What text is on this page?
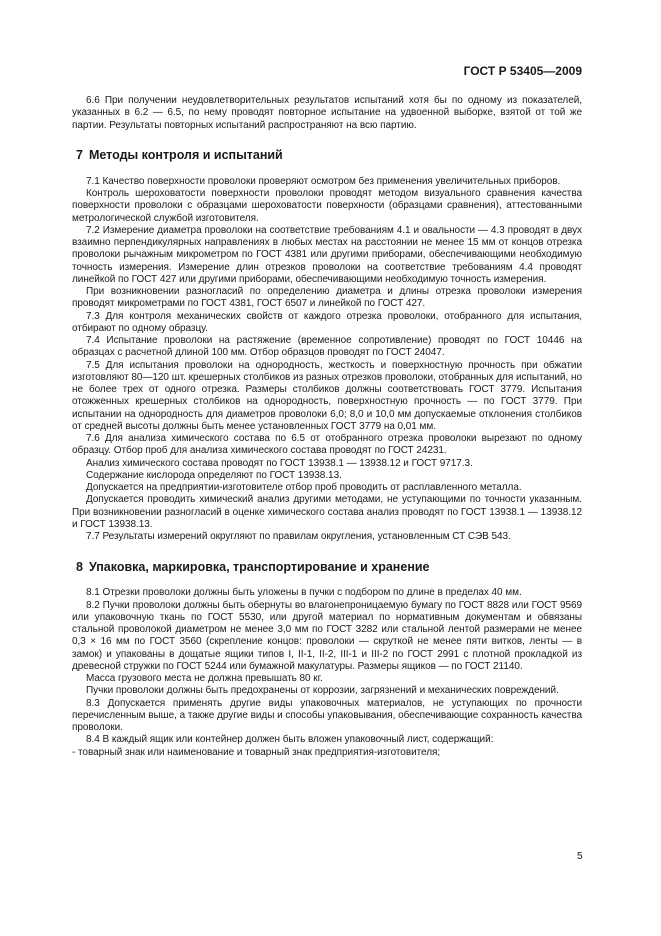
ГОСТ Р 53405—2009

6.6 При получении неудовлетворительных результатов испытаний хотя бы по одному из показателей, указанных в 6.2 — 6.5, по нему проводят повторное испытание на удвоенной выборке, взятой от той же партии. Результаты повторных испытаний распространяют на всю партию.

7 Методы контроля и испытаний

7.1 Качество поверхности проволоки проверяют осмотром без применения увеличительных приборов.

Контроль шероховатости поверхности проволоки проводят методом визуального сравнения качества поверхности проволоки с образцами шероховатости поверхности (образцами сравнения), аттестованными метрологической службой изготовителя.

7.2 Измерение диаметра проволоки на соответствие требованиям 4.1 и овальности — 4.3 проводят в двух взаимно перпендикулярных направлениях в любых местах на расстоянии не менее 15 мм от концов отрезка проволоки рычажным микрометром по ГОСТ 4381 или другими приборами, обеспечивающими необходимую точность измерения. Измерение длин отрезков проволоки на соответствие требованиям 4.4 проводят линейкой по ГОСТ 427 или другими приборами, обеспечивающими необходимую точность измерения.

При возникновении разногласий по определению диаметра и длины отрезка проволоки измерения проводят микрометрами по ГОСТ 4381, ГОСТ 6507 и линейкой по ГОСТ 427.

7.3 Для контроля механических свойств от каждого отрезка проволоки, отобранного для испытания, отбирают по одному образцу.

7.4 Испытание проволоки на растяжение (временное сопротивление) проводят по ГОСТ 10446 на образцах с расчетной длиной 100 мм. Отбор образцов проводят по ГОСТ 24047.

7.5 Для испытания проволоки на однородность, жесткость и поверхностную прочность при обжатии изготовляют 80—120 шт. крешерных столбиков из разных отрезков проволоки, отобранных для испытаний, но не более трех от одного отрезка. Размеры столбиков должны соответствовать ГОСТ 3779. Испытания отожженных крешерных столбиков на однородность, поверхностную прочность — по ГОСТ 3779. При испытании на однородность для диаметров проволоки 6,0; 8,0 и 10,0 мм допускаемые отклонения столбиков от средней высоты должны быть менее установленных ГОСТ 3779 на 0,01 мм.

7.6 Для анализа химического состава по 6.5 от отобранного отрезка проволоки вырезают по одному образцу. Отбор проб для анализа химического состава проводят по ГОСТ 24231.

Анализ химического состава проводят по ГОСТ 13938.1 — 13938.12 и ГОСТ 9717.3.

Содержание кислорода определяют по ГОСТ 13938.13.

Допускается на предприятии-изготовителе отбор проб проводить от расплавленного металла.

Допускается проводить химический анализ другими методами, не уступающими по точности указанным. При возникновении разногласий в оценке химического состава анализ проводят по ГОСТ 13938.1 — 13938.12 и ГОСТ 13938.13.

7.7 Результаты измерений округляют по правилам округления, установленным СТ СЭВ 543.

8 Упаковка, маркировка, транспортирование и хранение

8.1 Отрезки проволоки должны быть уложены в пучки с подбором по длине в пределах 40 мм.

8.2 Пучки проволоки должны быть обернуты во влагонепроницаемую бумагу по ГОСТ 8828 или ГОСТ 9569 или упаковочную ткань по ГОСТ 5530, или другой материал по нормативным документам и обвязаны стальной проволокой диаметром не менее 3,0 мм по ГОСТ 3282 или стальной лентой размерами не менее 0,3 × 16 мм по ГОСТ 3560 (скрепление концов: проволоки — скруткой не менее пяти витков, ленты — в замок) и упакованы в дощатые ящики типов I, II-1, II-2, III-1 и III-2 по ГОСТ 2991 с плотной прокладкой из древесной стружки по ГОСТ 5244 или бумажной макулатуры. Размеры ящиков — по ГОСТ 21140.

Масса грузового места не должна превышать 80 кг.

Пучки проволоки должны быть предохранены от коррозии, загрязнений и механических повреждений.

8.3 Допускается применять другие виды упаковочных материалов, не уступающих по прочности перечисленным выше, а также другие виды и способы упаковывания, обеспечивающие сохранность качества проволоки.

8.4 В каждый ящик или контейнер должен быть вложен упаковочный лист, содержащий:

- товарный знак или наименование и товарный знак предприятия-изготовителя;

5
